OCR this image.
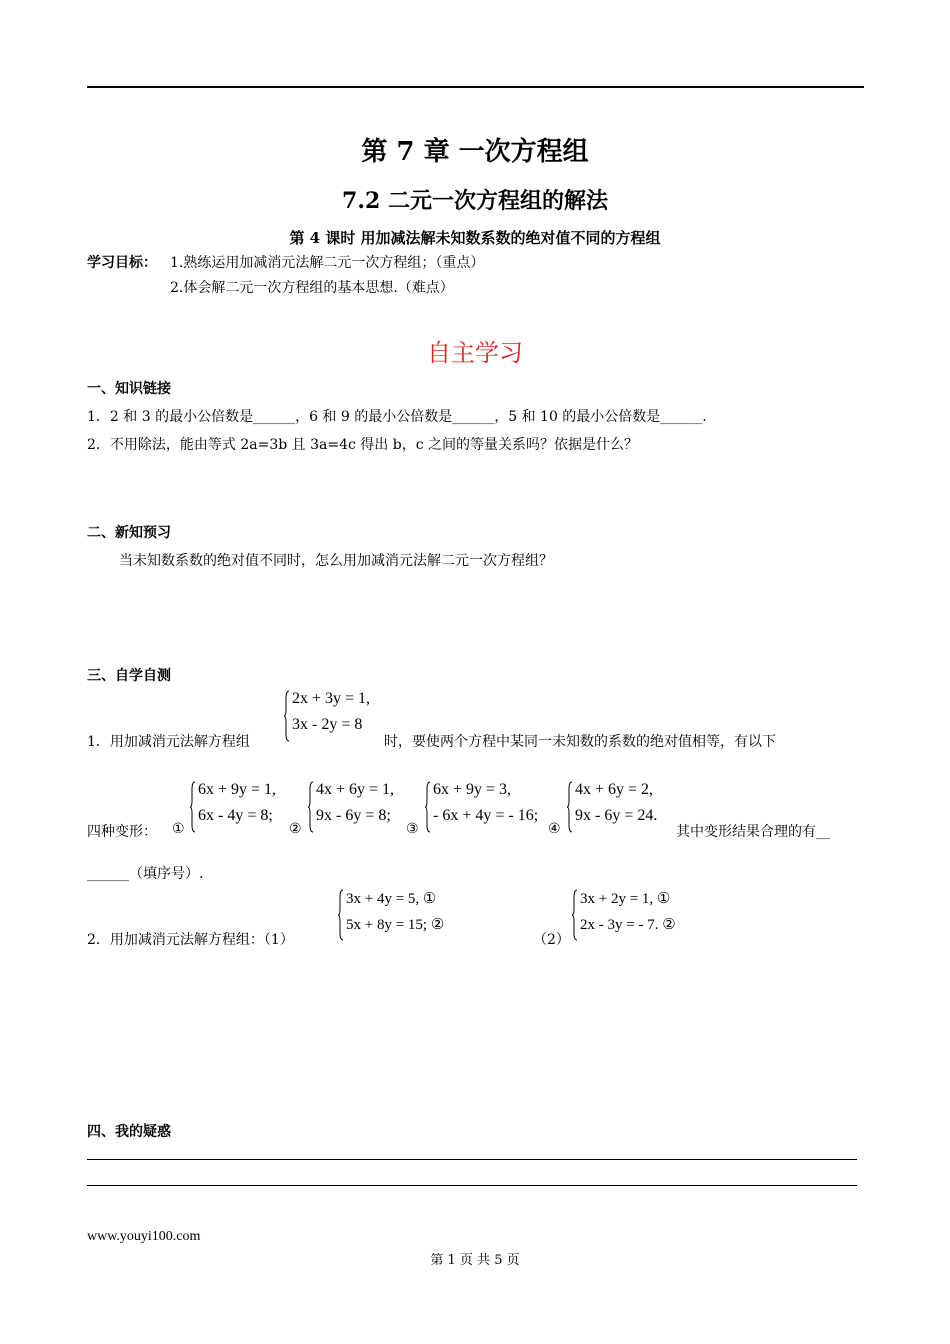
第 7 章 一次方程组
7.2 二元一次方程组的解法
第 4 课时 用加减法解未知数系数的绝对值不同的方程组
学习目标： 1.熟练运用加减消元法解二元一次方程组；（重点）
2.体会解二元一次方程组的基本思想.（难点）
自主学习
一、知识链接
1．2 和 3 的最小公倍数是______，6 和 9 的最小公倍数是______，5 和 10 的最小公倍数是______.
2．不用除法，能由等式 2a=3b 且 3a=4c 得出 b，c 之间的等量关系吗？依据是什么？
二、新知预习
当未知数系数的绝对值不同时，怎么用加减消元法解二元一次方程组？
三、自学自测
1．用加减消元法解方程组
2x + 3y = 1,
3x - 2y = 8
时，要使两个方程中某同一未知数的系数的绝对值相等，有以下
四种变形： ①
6x + 9y = 1,
6x - 4y = 8;
②
4x + 6y = 1,
9x - 6y = 8;
③
6x + 9y = 3,
- 6x + 4y = - 16;
④
4x + 6y = 2,
9x - 6y = 24.
其中变形结果合理的有__
______（填序号）.
2．用加减消元法解方程组：（1）
3x + 4y = 5, ①
5x + 8y = 15; ②
（2）
3x + 2y = 1, ①
2x - 3y = - 7. ②
四、我的疑惑
www.youyi100.com
第 1 页 共 5 页
